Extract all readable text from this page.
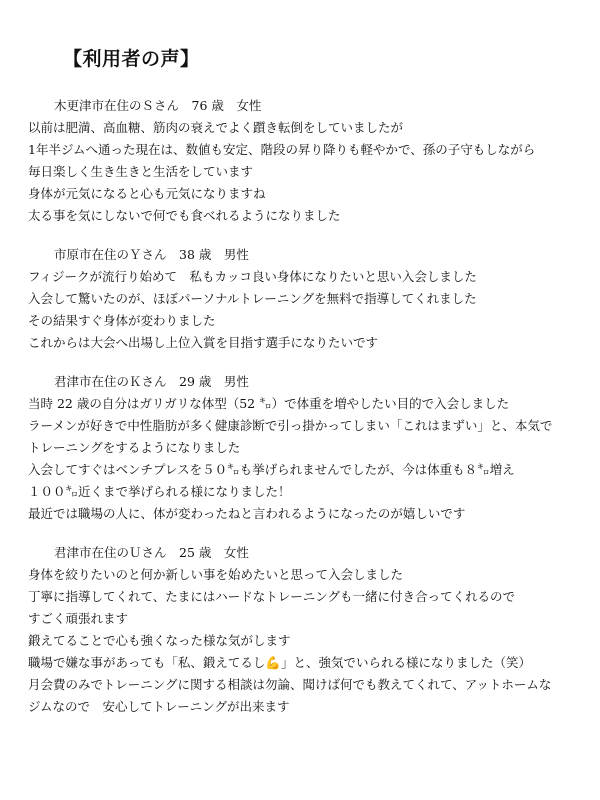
【利用者の声】
木更津市在住のＳさん　76 歳　女性
以前は肥満、高血糖、筋肉の衰えでよく躓き転倒をしていましたが
1年半ジムへ通った現在は、数値も安定、階段の昇り降りも軽やかで、孫の子守もしながら
毎日楽しく生き生きと生活をしています
身体が元気になると心も元気になりますね
太る事を気にしないで何でも食べれるようになりました
市原市在住のＹさん　38 歳　男性
フィジークが流行り始めて　私もカッコ良い身体になりたいと思い入会しました
入会して驚いたのが、ほぼパーソナルトレーニングを無料で指導してくれました
その結果すぐ身体が変わりました
これからは大会へ出場し上位入賞を目指す選手になりたいです
君津市在住のＫさん　29 歳　男性
当時 22 歳の自分はガリガリな体型（52 ㌔）で体重を増やしたい目的で入会しました
ラーメンが好きで中性脂肪が多く健康診断で引っ掛かってしまい「これはまずい」と、本気で
トレーニングをするようになりました
入会してすぐはベンチプレスを５０㌔も挙げられませんでしたが、今は体重も８㌔増え
１００㌔近くまで挙げられる様になりました！
最近では職場の人に、体が変わったねと言われるようになったのが嬉しいです
君津市在住のＵさん　25 歳　女性
身体を絞りたいのと何か新しい事を始めたいと思って入会しました
丁寧に指導してくれて、たまにはハードなトレーニングも一緒に付き合ってくれるので
すごく頑張れます
鍛えてることで心も強くなった様な気がします
職場で嫌な事があっても「私、鍛えてるし💪」と、強気でいられる様になりました（笑）
月会費のみでトレーニングに関する相談は勿論、聞けば何でも教えてくれて、アットホームな
ジムなので　安心してトレーニングが出来ます
